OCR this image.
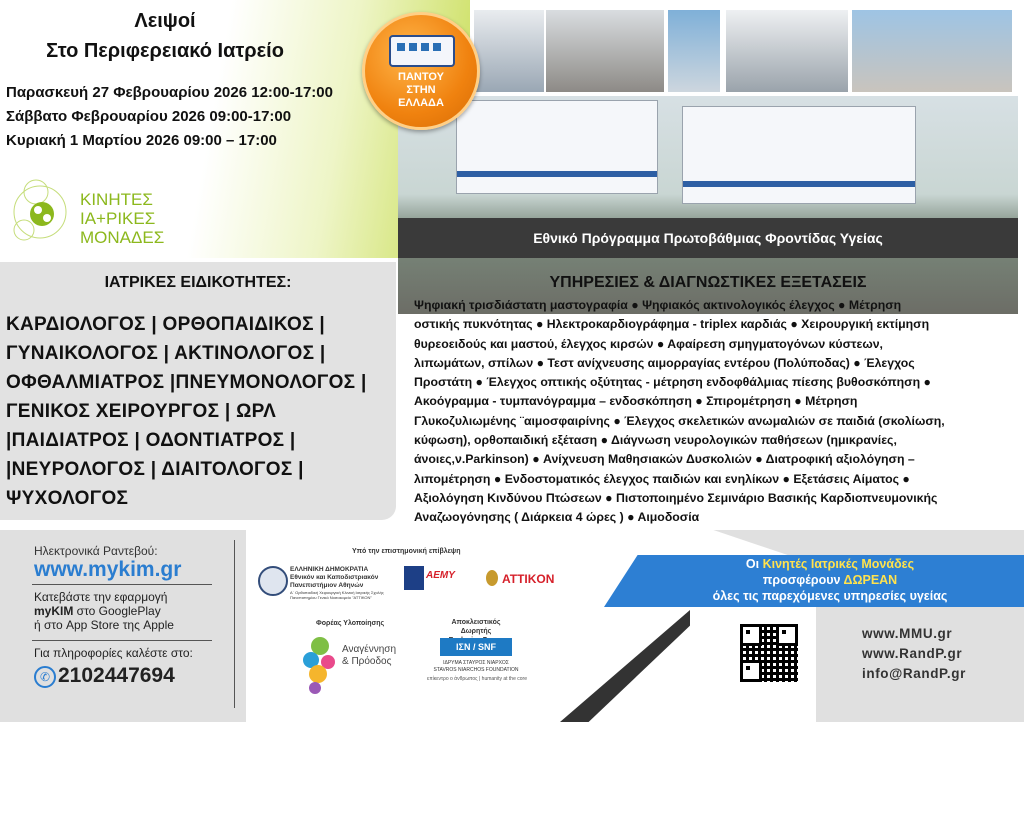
Λειψοί
Στο Περιφερειακό Ιατρείο
Παρασκευή 27 Φεβρουαρίου 2026 12:00-17:00
Σάββατο Φεβρουαρίου 2026 09:00-17:00
Κυριακή 1 Μαρτίου 2026 09:00 – 17:00
ΠΑΝΤΟΥ
ΣΤΗΝ
ΕΛΛΑΔΑ
ΚΙΝΗΤΕΣ
ΙΑ+ΡΙΚΕΣ
ΜΟΝΑΔΕΣ	Εθνικό Πρόγραμμα Πρωτοβάθμιας Φροντίδας Υγείας
ΙΑΤΡΙΚΕΣ ΕΙΔΙΚΟΤΗΤΕΣ:
ΚΑΡΔΙΟΛΟΓΟΣ | ΟΡΘΟΠΑΙΔΙΚΟΣ |
ΓΥΝΑΙΚΟΛΟΓΟΣ | ΑΚΤΙΝΟΛΟΓΟΣ |
ΟΦΘΑΛΜΙΑΤΡΟΣ |ΠΝΕΥΜΟΝΟΛΟΓΟΣ |
ΓΕΝΙΚΟΣ ΧΕΙΡΟΥΡΓΟΣ | ΩΡΛ
|ΠΑΙΔΙΑΤΡΟΣ | ΟΔΟΝΤΙΑΤΡΟΣ |
|ΝΕΥΡΟΛΟΓΟΣ | ΔΙΑΙΤΟΛΟΓΟΣ |
ΨΥΧΟΛΟΓΟΣ
ΥΠΗΡΕΣΙΕΣ & ΔΙΑΓΝΩΣΤΙΚΕΣ ΕΞΕΤΑΣΕΙΣ
Ψηφιακή τρισδιάστατη μαστογραφία ● Ψηφιακός ακτινολογικός έλεγχος ● Μέτρηση
οστικής πυκνότητας ● Ηλεκτροκαρδιογράφημα - triplex καρδιάς ● Χειρουργική εκτίμηση
θυρεοειδούς και μαστού, έλεγχος κιρσών ● Αφαίρεση σμηγματογόνων κύστεων,
λιπωμάτων, σπίλων ● Τεστ ανίχνευσης αιμορραγίας εντέρου (Πολύποδας) ● Έλεγχος
Προστάτη ● Έλεγχος οπτικής οξύτητας - μέτρηση ενδοφθάλμιας πίεσης βυθοσκόπηση ●
Ακοόγραμμα - τυμπανόγραμμα – ενδοσκόπηση ● Σπιρομέτρηση ● Μέτρηση
Γλυκοζυλιωμένης ¨αιμοσφαιρίνης ● Έλεγχος σκελετικών ανωμαλιών σε παιδιά (σκολίωση,
κύφωση), ορθοπαιδική εξέταση ● Διάγνωση νευρολογικών παθήσεων (ημικρανίες,
άνοιες,ν.Parkinson) ● Ανίχνευση Μαθησιακών Δυσκολιών ● Διατροφική αξιολόγηση –
λιπομέτρηση ● Ενδοστοματικός έλεγχος παιδιών και ενηλίκων ● Εξετάσεις Αίματος ●
Αξιολόγηση Κινδύνου Πτώσεων ● Πιστοποιημένο Σεμινάριο Βασικής Καρδιοπνευμονικής
Αναζωογόνησης ( Διάρκεια 4 ώρες ) ● Αιμοδοσία
Ηλεκτρονικά Ραντεβού:
www.mykim.gr
Κατεβάστε την εφαρμογή
myKIM στο GooglePlay
ή στο App Store της Apple
Για πληροφορίες καλέστε στο:
✆ 2102447694
Υπό την επιστημονική επίβλεψη
ΕΛΛΗΝΙΚΗ ΔΗΜΟΚΡΑΤΙΑ
Εθνικόν και Καποδιστριακόν
Πανεπιστήμιον Αθηνών
Α΄ Ορθοπαιδική Χειρουργική Κλινική Ιατρικής Σχολής Πανεπιστημίου Γενικό Νοσοκομείο "ΑΤΤΙΚΟΝ"
AEMY	ATTIKON
Φορέας Υλοποίησης
Αναγέννηση
& Πρόοδος
Αποκλειστικός Δωρητής
ΙΣΝ / SNF
ΙΔΡΥΜΑ ΣΤΑΥΡΟΣ ΝΙΑΡΧΟΣ
STAVROS NIARCHOS FOUNDATION
επίκεντρο ο άνθρωπος | humanity at the core
Οι Κινητές Ιατρικές Μονάδες
προσφέρουν ΔΩΡΕΑΝ
όλες τις παρεχόμενες υπηρεσίες υγείας
www.MMU.gr
www.RandP.gr
info@RandP.gr
